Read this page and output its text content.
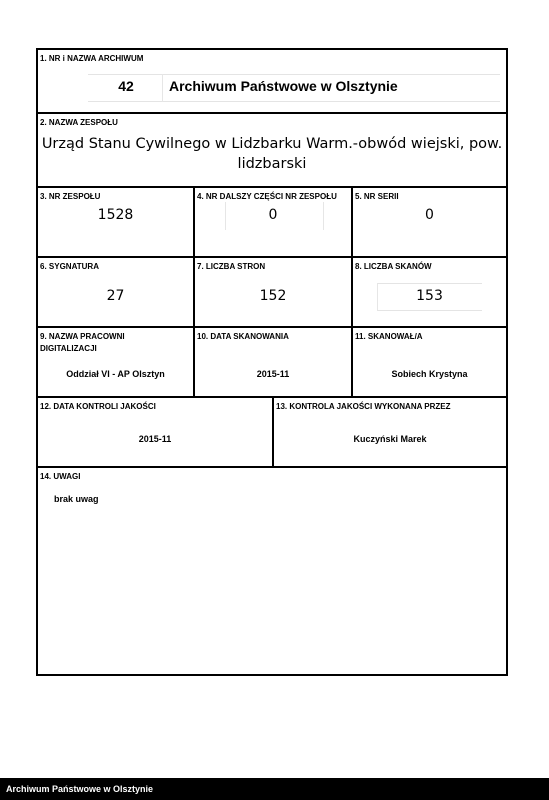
1. NR i NAZWA ARCHIWUM
42	Archiwum Państwowe w Olsztynie
2. NAZWA ZESPOŁU
Urząd Stanu Cywilnego w Lidzbarku Warm.-obwód wiejski, pow.
lidzbarski
3. NR ZESPOŁU
1528
4. NR DALSZY CZĘŚCI NR ZESPOŁU
0
5. NR SERII
0
6. SYGNATURA
27
7. LICZBA STRON
152
8. LICZBA SKANÓW
153
9. NAZWA PRACOWNI
DIGITALIZACJI
Oddział VI - AP Olsztyn
10. DATA SKANOWANIA
2015-11
11. SKANOWAŁ/A
Sobiech Krystyna
12. DATA KONTROLI JAKOŚCI
2015-11
13. KONTROLA JAKOŚCI WYKONANA PRZEZ
Kuczyński Marek
14. UWAGI
brak uwag
Archiwum Państwowe w Olsztynie
